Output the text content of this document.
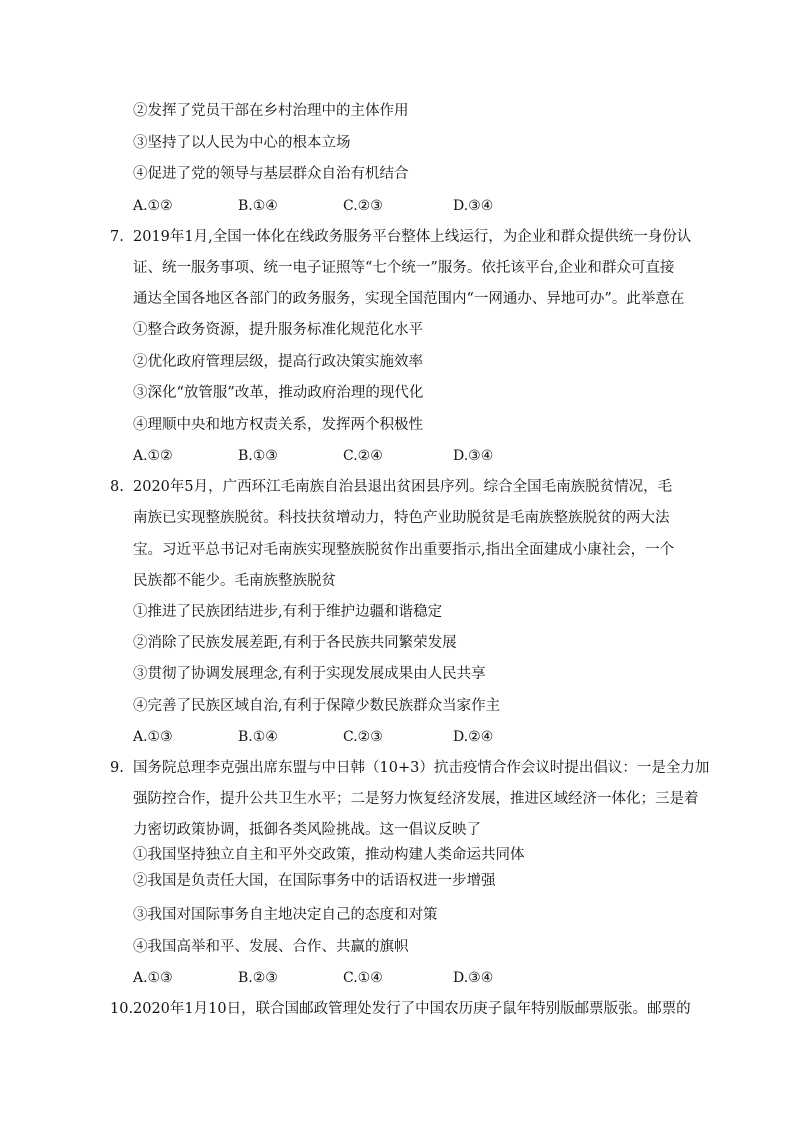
②发挥了党员干部在乡村治理中的主体作用
③坚持了以人民为中心的根本立场
④促进了党的领导与基层群众自治有机结合
A.①②	B.①④	C.②③	D.③④
7. 2019年1月,全国一体化在线政务服务平台整体上线运行，为企业和群众提供统一身份认
证、统一服务事项、统一电子证照等“七个统一”服务。依托该平台,企业和群众可直接
通达全国各地区各部门的政务服务，实现全国范围内“一网通办、异地可办”。此举意在
①整合政务资源，提升服务标准化规范化水平
②优化政府管理层级，提高行政决策实施效率
③深化“放管服”改革，推动政府治理的现代化
④理顺中央和地方权责关系，发挥两个积极性
A.①②	B.①③	C.②④	D.③④
8. 2020年5月，广西环江毛南族自治县退出贫困县序列。综合全国毛南族脱贫情况，毛
南族已实现整族脱贫。科技扶贫增动力，特色产业助脱贫是毛南族整族脱贫的两大法
宝。习近平总书记对毛南族实现整族脱贫作出重要指示,指出全面建成小康社会，一个
民族都不能少。毛南族整族脱贫
①推进了民族团结进步,有利于维护边疆和谐稳定
②消除了民族发展差距,有利于各民族共同繁荣发展
③贯彻了协调发展理念,有利于实现发展成果由人民共享
④完善了民族区域自治,有利于保障少数民族群众当家作主
A.①③	B.①④	C.②③	D.②④
9. 国务院总理李克强出席东盟与中日韩（10+3）抗击疫情合作会议时提出倡议：一是全力加
强防控合作，提升公共卫生水平；二是努力恢复经济发展，推进区域经济一体化；三是着
力密切政策协调，抵御各类风险挑战。这一倡议反映了
①我国坚持独立自主和平外交政策，推动构建人类命运共同体
②我国是负责任大国，在国际事务中的话语权进一步增强
③我国对国际事务自主地决定自己的态度和对策
④我国高举和平、发展、合作、共赢的旗帜
A.①③	B.②③	C.①④	D.③④
10.2020年1月10日，联合国邮政管理处发行了中国农历庚子鼠年特别版邮票版张。邮票的
